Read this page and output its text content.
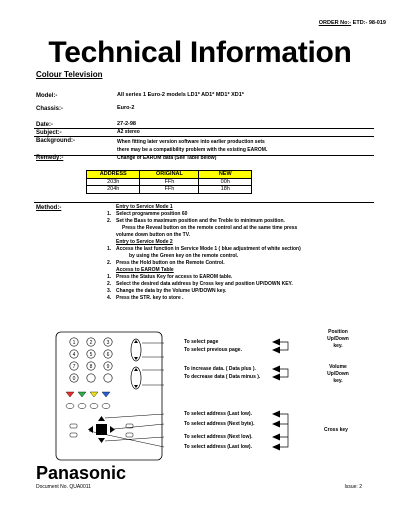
ORDER No:- ETD:- 98-019
Technical Information
Colour Television
Model:-	All series 1 Euro-2 models LD1* AD1* MD1* XD1*
Chassis:-	Euro-2
Date:-	27-2-98
Subject:-	A2 stereo
Background:-	When fitting later version software into earlier production sets
there may be a compatibility problem with the existing EAROM.
Remedy:-	Change of EAROM data (See Table below)
ADDRESS	ORIGINAL	NEW
203h	FFh	00h
204h	FFh	18h
Method:-	Entry to Service Mode 1
1. Select programme position 60
2. Set the Bass to maximum position and the Treble to minimum position.
Press the Reveal button on the remote control and at the same time press
volume down button on the TV.
Entry to Service Mode 2
1. Access the last function in Service Mode 1 ( blue adjustment of white section)
by using the Green key on the remote control.
2. Press the Hold button on the Remote Control.
Access to EAROM Table
1. Press the Status Key for access to EAROM table.
2. Select the desired data address by Cross key and position UP/DOWN KEY.
3. Change the data by the Volume UP/DOWN key.
4. Press the STR. key to store .
1	2	3
4	5	6
7	8	9
0
To select page
To select previous page.
To increase data. ( Data plus ).
To decrease data ( Data minus ).
To select address (Last low).
To select address (Next byte).
To select address (Next low).
To select address (Last low).
Position
Up/Down
key.
Volume
Up/Down
key.
Cross key
Panasonic
Document No. QUA0011	Issue: 2
